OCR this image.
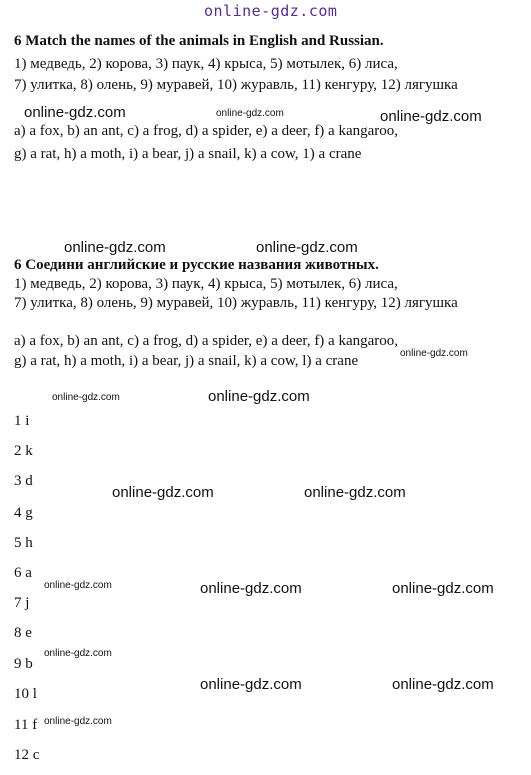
online-gdz.com
6 Match the names of the animals in English and Russian.
1) медведь, 2) корова, 3) паук, 4) крыса, 5) мотылек, 6) лиса,
7) улитка, 8) олень, 9) муравей, 10) журавль, 11) кенгуру, 12) лягушка
a) a fox, b) an ant, c) a frog, d) a spider, e) a deer, f) a kangaroo,
g) a rat, h) a moth, i) a bear, j) a snail, k) a cow, 1) a crane
6 Соедини английские и русские названия животных.
1) медведь, 2) корова, 3) паук, 4) крыса, 5) мотылек, 6) лиса,
7) улитка, 8) олень, 9) муравей, 10) журавль, 11) кенгуру, 12) лягушка
a) a fox, b) an ant, c) a frog, d) a spider, e) a deer, f) a kangaroo,
g) a rat, h) a moth, i) a bear, j) a snail, k) a cow, l) a crane
1 i
2 k
3 d
4 g
5 h
6 a
7 j
8 e
9 b
10 l
11 f
12 c
online-gdz.com	online-gdz.com	online-gdz.com
online-gdz.com	online-gdz.com
online-gdz.com
online-gdz.com	online-gdz.com
online-gdz.com	online-gdz.com
online-gdz.com	online-gdz.com	online-gdz.com
online-gdz.com
online-gdz.com	online-gdz.com
online-gdz.com
